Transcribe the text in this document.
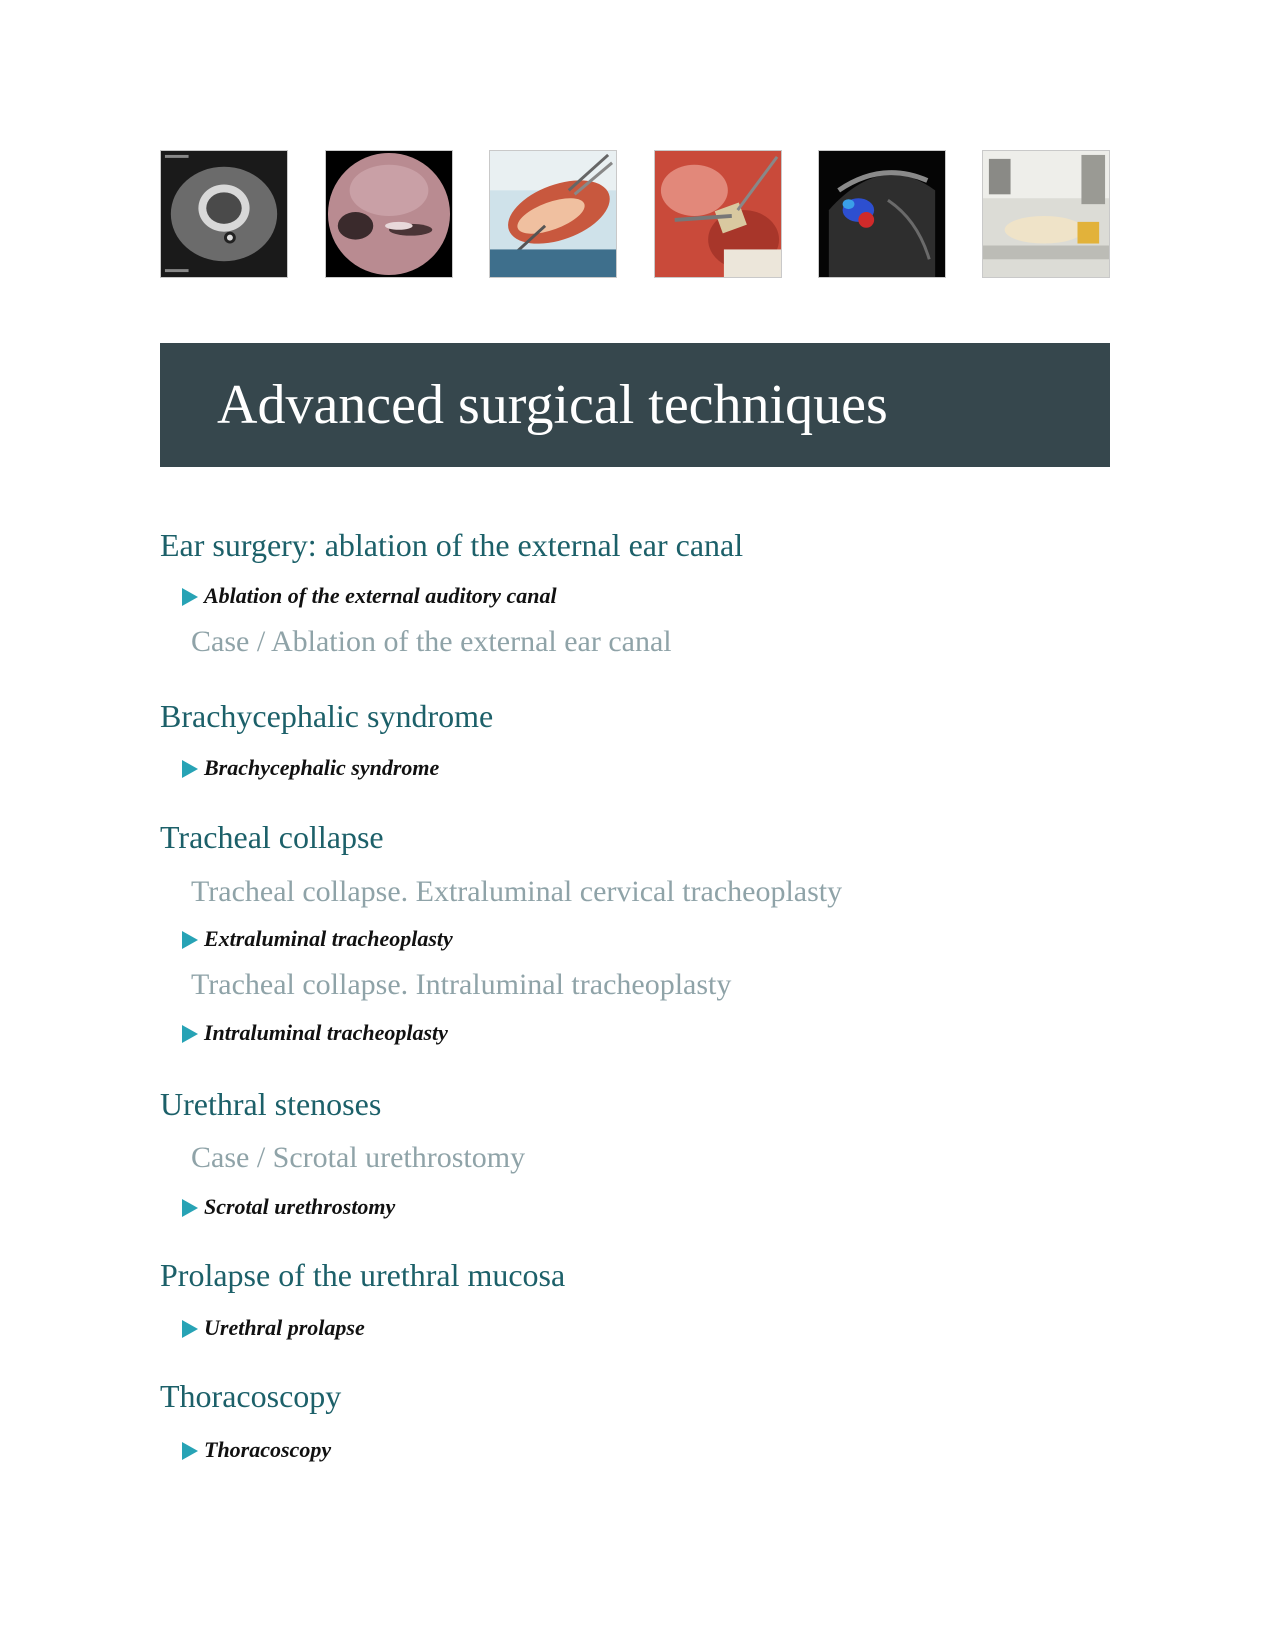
Advanced surgical techniques
Ear surgery: ablation of the external ear canal
Ablation of the external auditory canal
Case / Ablation of the external ear canal
Brachycephalic syndrome
Brachycephalic syndrome
Tracheal collapse
Tracheal collapse. Extraluminal cervical tracheoplasty
Extraluminal tracheoplasty
Tracheal collapse. Intraluminal tracheoplasty
Intraluminal tracheoplasty
Urethral stenoses
Case / Scrotal urethrostomy
Scrotal urethrostomy
Prolapse of the urethral mucosa
Urethral prolapse
Thoracoscopy
Thoracoscopy
